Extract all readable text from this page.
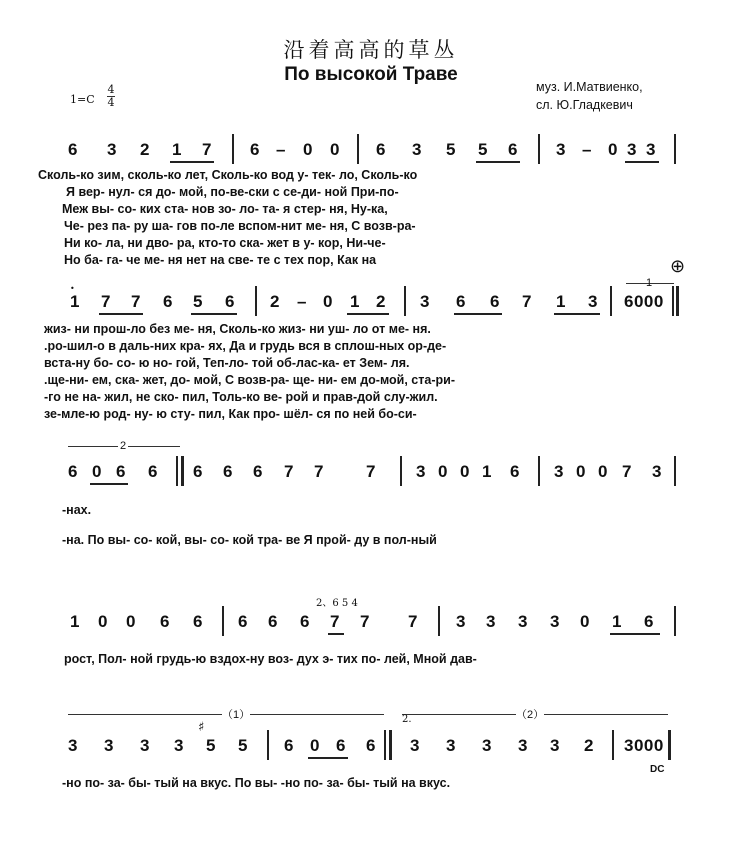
沿着高高的草丛
По высокой Траве
муз. И.Матвиенко,
сл. Ю.Гладкевич
1=C
4
4
6 3 2 1 7 6 – 0 0 6 3 5 5 6 3 – 0 3 3
Сколь-ко зим, сколь-ко лет, Сколь-ко вод у- тек- ло, Сколь-ко
Я вер- нул- ся до- мой, по-ве-ски с се-ди- ной При-по-
Меж вы- со- ких ста- нов зо- ло- та- я стер- ня, Ну-ка,
Че- рез па- ру ша- гов по-ле вспом-нит ме- ня, С возв-ра-
Ни ко- ла, ни дво- ра, кто-то ска- жет в у- кор, Ни-че-
Но ба- га- че ме- ня нет на све- те с тех пор, Как на	⊕
1
1 7 7 6 5 6 2 – 0 1 2 3 6 6 7 1 3 6000
•
жиз- ни прош-ло без ме- ня, Сколь-ко жиз- ни уш- ло от ме- ня.
.ро-шил-о в даль-них кра- ях, Да и грудь вся в сплош-ных ор-де-
вста-ну бо- со- ю но- гой, Теп-ло- той об-лас-ка- ет Зем- ля.
.ще-ни- ем, ска- жет, до- мой, С возв-ра- ще- ни- ем до-мой, ста-ри-
-го не на- жил, не ско- пил, Толь-ко ве- рой и прав-дой слу-жил.
зе-мле-ю род- ну- ю сту- пил, Как про- шёл- ся по ней бо-си-
2
6 0 6 6 6 6 6 7 7 7 3 0 0 1 6 3 0 0 7 3
-нах.
-на. По вы- со- кой, вы- со- кой тра- ве Я прой- ду в пол-ный
2、6 5 4
1 0 0 6 6 6 6 6 7 7 7 3 3 3 3 0 1 6
рост, Пол- ной грудь-ю вздох-ну воз- дух э- тих по- лей, Мной дав-
（1）	（2）
2.
♯
3 3 3 3 5 5 6 0 6 6 3 3 3 3 3 2 3000
DC
-но по- за- бы- тый на вкус. По вы- -но по- за- бы- тый на вкус.
